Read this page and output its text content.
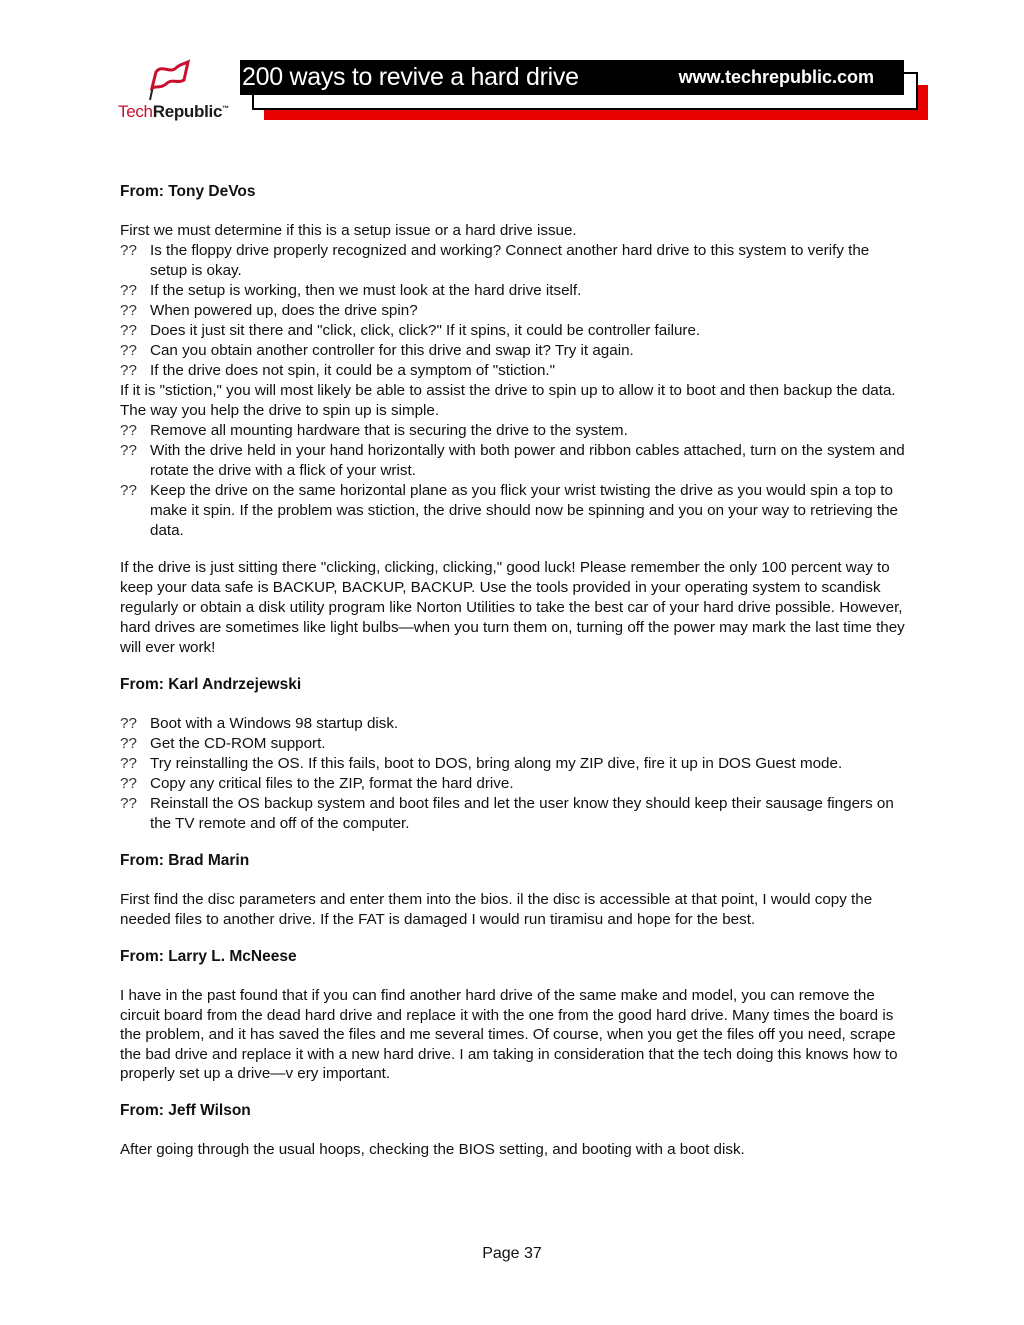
TechRepublic™
200 ways to revive a hard drive	www.techrepublic.com

From: Tony DeVos

First we must determine if this is a setup issue or a hard drive issue.

?? Is the floppy drive properly recognized and working? Connect another hard drive to this system to verify the setup is okay.
?? If the setup is working, then we must look at the hard drive itself.
?? When powered up, does the drive spin?
?? Does it just sit there and "click, click, click?" If it spins, it could be controller failure.
?? Can you obtain another controller for this drive and swap it? Try it again.
?? If the drive does not spin, it could be a symptom of "stiction."

If it is "stiction," you will most likely be able to assist the drive to spin up to allow it to boot and then backup the data. The way you help the drive to spin up is simple.

?? Remove all mounting hardware that is securing the drive to the system.
?? With the drive held in your hand horizontally with both power and ribbon cables attached, turn on the system and rotate the drive with a flick of your wrist.
?? Keep the drive on the same horizontal plane as you flick your wrist twisting the drive as you would spin a top to make it spin. If the problem was stiction, the drive should now be spinning and you on your way to retrieving the data.

If the drive is just sitting there "clicking, clicking, clicking," good luck! Please remember the only 100 percent way to keep your data safe is BACKUP, BACKUP, BACKUP. Use the tools provided in your operating system to scandisk regularly or obtain a disk utility program like Norton Utilities to take the best car of your hard drive possible. However, hard drives are sometimes like light bulbs—when you turn them on, turning off the power may mark the last time they will ever work!

From: Karl Andrzejewski

?? Boot with a Windows 98 startup disk.
?? Get the CD-ROM support.
?? Try reinstalling the OS. If this fails, boot to DOS, bring along my ZIP dive, fire it up in DOS Guest mode.
?? Copy any critical files to the ZIP, format the hard drive.
?? Reinstall the OS backup system and boot files and let the user know they should keep their sausage fingers on the TV remote and off of the computer.

From: Brad Marin

First find the disc parameters and enter them into the bios. il the disc is accessible at that point, I would copy the needed files to another drive. If the FAT is damaged I would run tiramisu and hope for the best.

From: Larry L. McNeese

I have in the past found that if you can find another hard drive of the same make and model, you can remove the circuit board from the dead hard drive and replace it with the one from the good hard drive. Many times the board is the problem, and it has saved the files and me several times. Of course, when you get the files off you need, scrape the bad drive and replace it with a new hard drive. I am taking in consideration that the tech doing this knows how to properly set up a drive—v ery important.

From: Jeff Wilson

After going through the usual hoops, checking the BIOS setting, and booting with a boot disk.

Page 37
